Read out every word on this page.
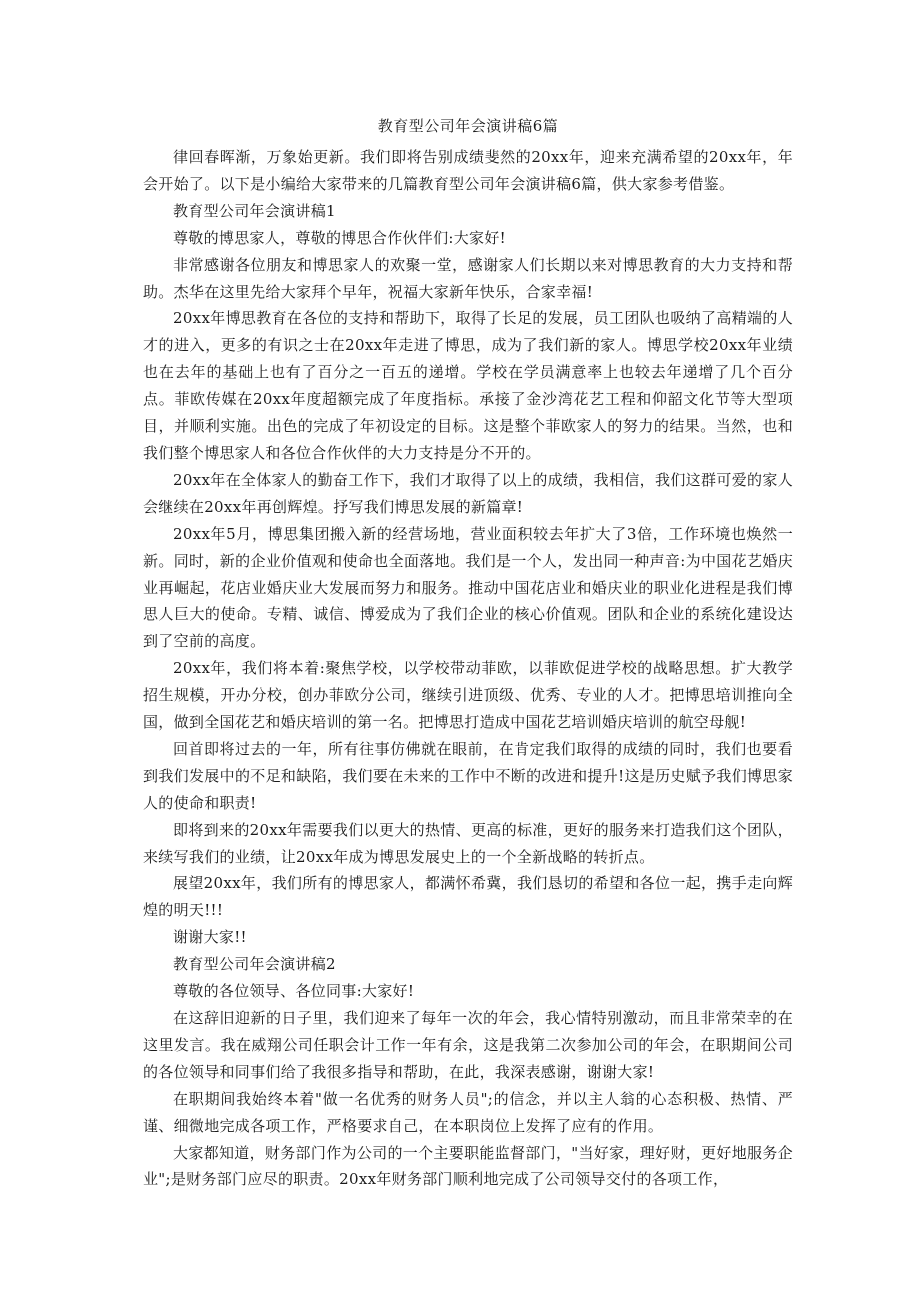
教育型公司年会演讲稿6篇

律回春晖渐，万象始更新。我们即将告别成绩斐然的20xx年，迎来充满希望的20xx年，年会开始了。以下是小编给大家带来的几篇教育型公司年会演讲稿6篇，供大家参考借鉴。

教育型公司年会演讲稿1

尊敬的博思家人，尊敬的博思合作伙伴们:大家好!

非常感谢各位朋友和博思家人的欢聚一堂，感谢家人们长期以来对博思教育的大力支持和帮助。杰华在这里先给大家拜个早年，祝福大家新年快乐，合家幸福!

20xx年博思教育在各位的支持和帮助下，取得了长足的发展，员工团队也吸纳了高精端的人才的进入，更多的有识之士在20xx年走进了博思，成为了我们新的家人。博思学校20xx年业绩也在去年的基础上也有了百分之一百五的递增。学校在学员满意率上也较去年递增了几个百分点。菲欧传媒在20xx年度超额完成了年度指标。承接了金沙湾花艺工程和仰韶文化节等大型项目，并顺利实施。出色的完成了年初设定的目标。这是整个菲欧家人的努力的结果。当然，也和我们整个博思家人和各位合作伙伴的大力支持是分不开的。

20xx年在全体家人的勤奋工作下，我们才取得了以上的成绩，我相信，我们这群可爱的家人会继续在20xx年再创辉煌。抒写我们博思发展的新篇章!

20xx年5月，博思集团搬入新的经营场地，营业面积较去年扩大了3倍，工作环境也焕然一新。同时，新的企业价值观和使命也全面落地。我们是一个人，发出同一种声音:为中国花艺婚庆业再崛起，花店业婚庆业大发展而努力和服务。推动中国花店业和婚庆业的职业化进程是我们博思人巨大的使命。专精、诚信、博爱成为了我们企业的核心价值观。团队和企业的系统化建设达到了空前的高度。

20xx年，我们将本着:聚焦学校，以学校带动菲欧，以菲欧促进学校的战略思想。扩大教学招生规模，开办分校，创办菲欧分公司，继续引进顶级、优秀、专业的人才。把博思培训推向全国，做到全国花艺和婚庆培训的第一名。把博思打造成中国花艺培训婚庆培训的航空母舰!

回首即将过去的一年，所有往事仿佛就在眼前，在肯定我们取得的成绩的同时，我们也要看到我们发展中的不足和缺陷，我们要在未来的工作中不断的改进和提升!这是历史赋予我们博思家人的使命和职责!

即将到来的20xx年需要我们以更大的热情、更高的标准，更好的服务来打造我们这个团队，来续写我们的业绩，让20xx年成为博思发展史上的一个全新战略的转折点。

展望20xx年，我们所有的博思家人，都满怀希冀，我们恳切的希望和各位一起，携手走向辉煌的明天!!!

谢谢大家!!

教育型公司年会演讲稿2

尊敬的各位领导、各位同事:大家好!

在这辞旧迎新的日子里，我们迎来了每年一次的年会，我心情特别激动，而且非常荣幸的在这里发言。我在威翔公司任职会计工作一年有余，这是我第二次参加公司的年会，在职期间公司的各位领导和同事们给了我很多指导和帮助，在此，我深表感谢，谢谢大家!

在职期间我始终本着"做一名优秀的财务人员";的信念，并以主人翁的心态积极、热情、严谨、细微地完成各项工作，严格要求自己，在本职岗位上发挥了应有的作用。

大家都知道，财务部门作为公司的一个主要职能监督部门，"当好家，理好财，更好地服务企业";是财务部门应尽的职责。20xx年财务部门顺利地完成了公司领导交付的各项工作，
